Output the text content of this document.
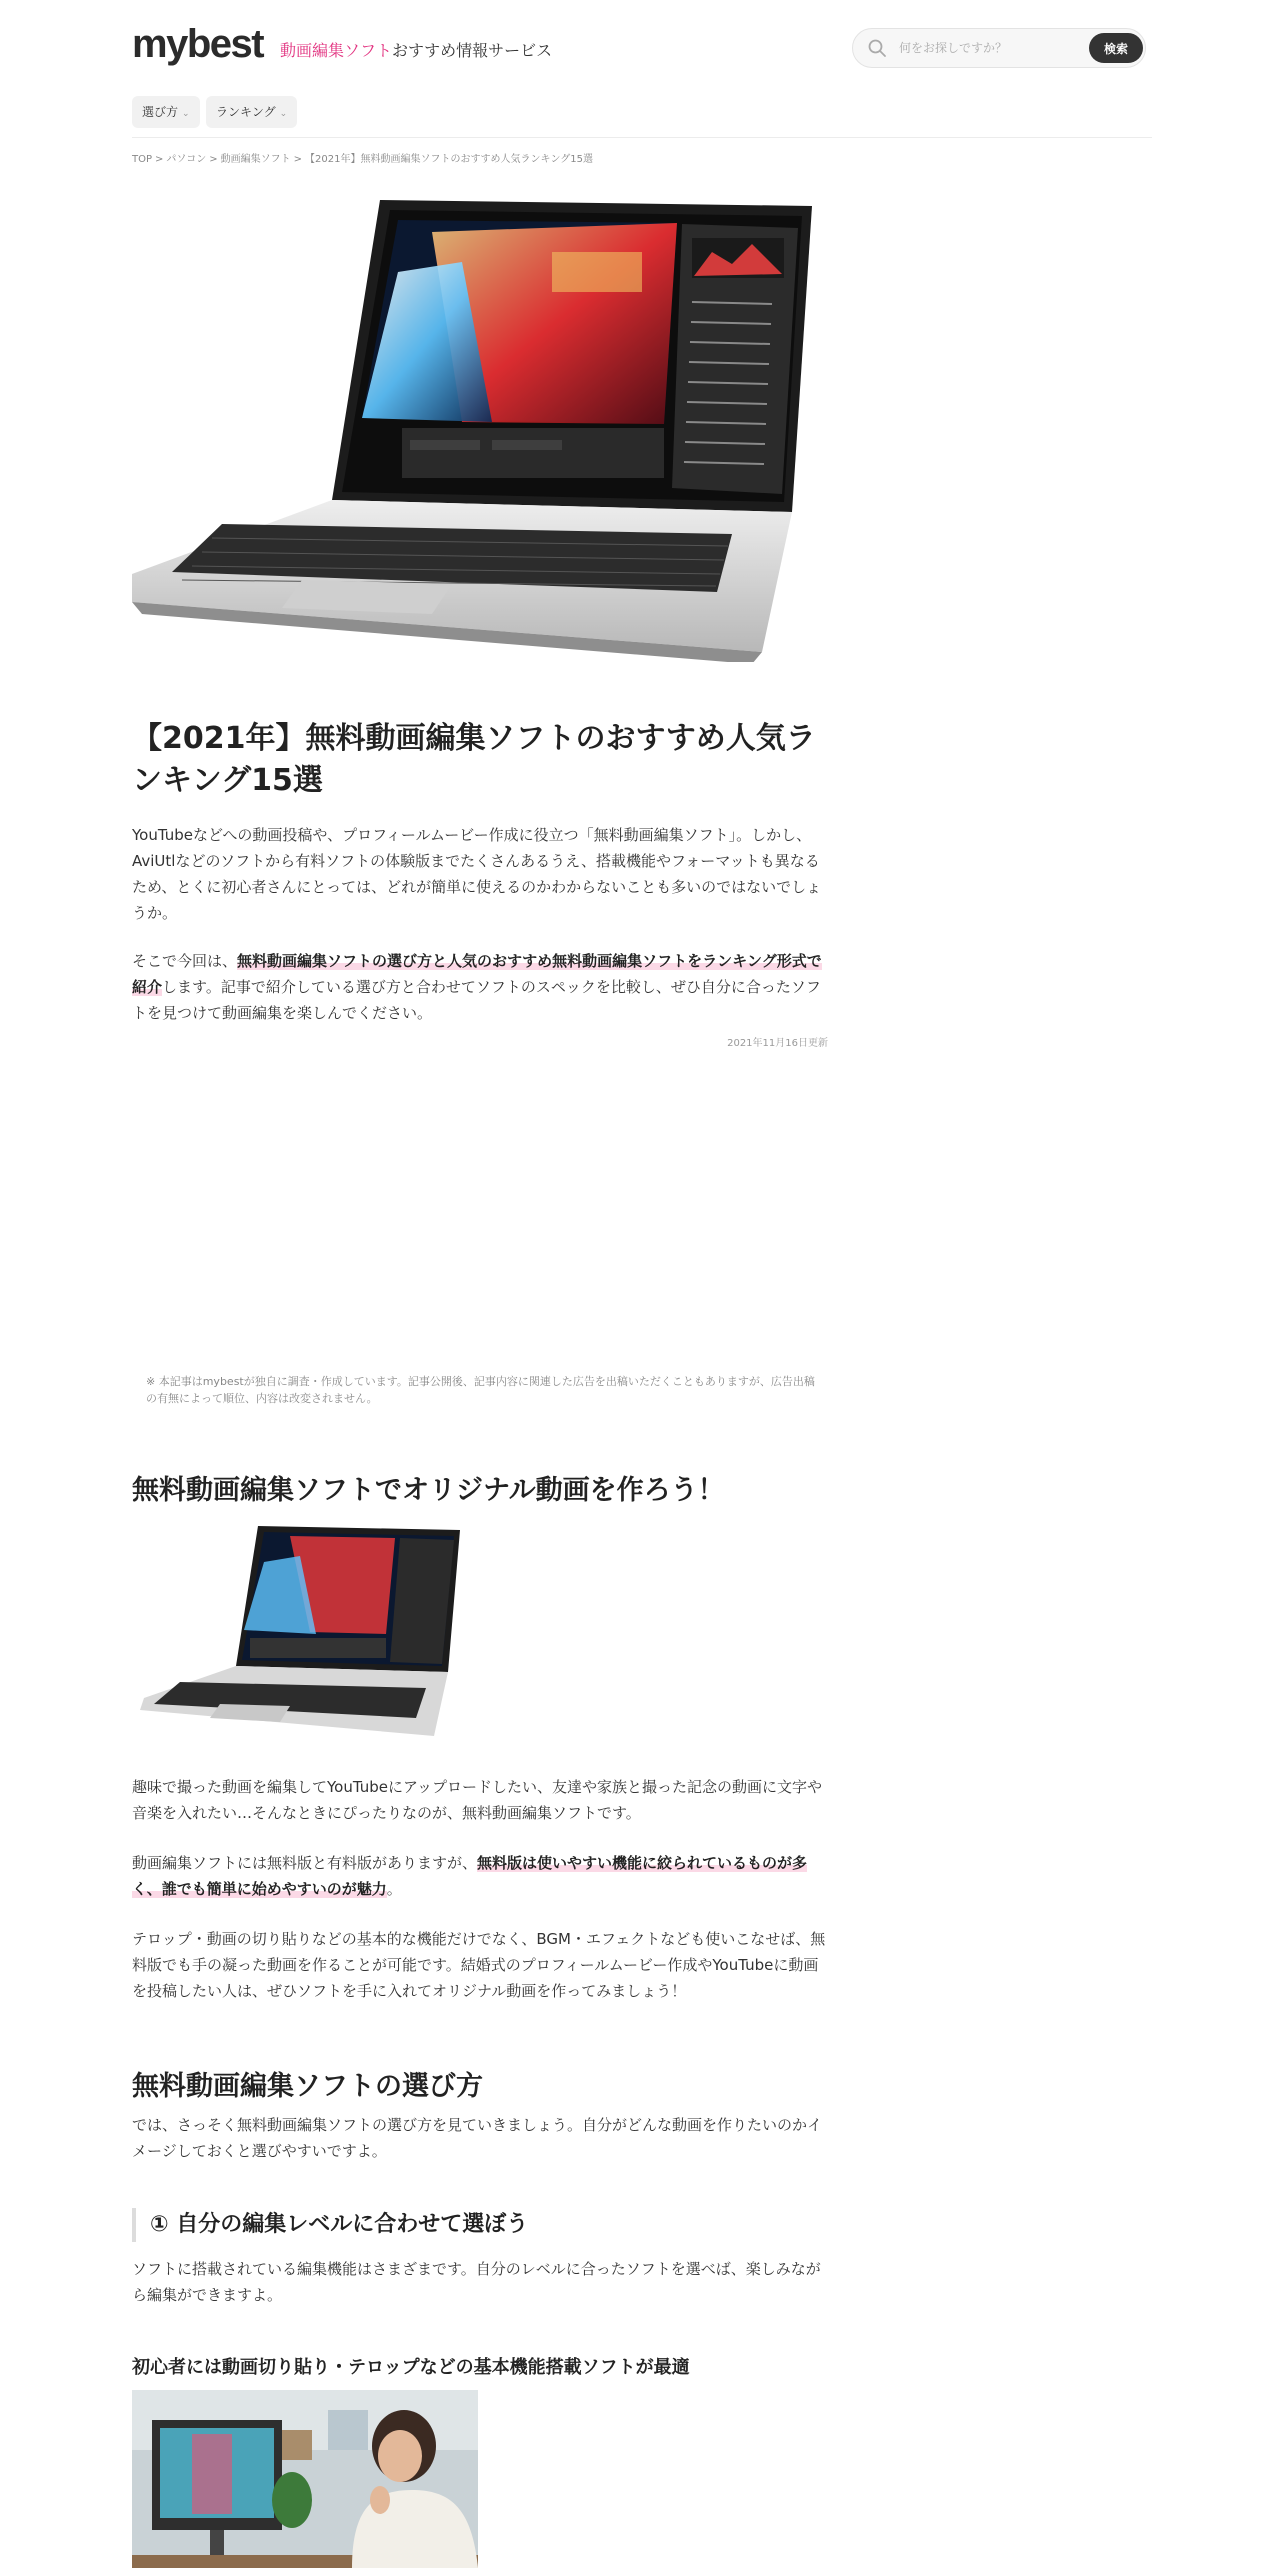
mybest 動画編集ソフトおすすめ情報サービス
何をお探しですか？	検索
選び方 ⌄	ランキング ⌄
TOP > パソコン > 動画編集ソフト > 【2021年】無料動画編集ソフトのおすすめ人気ランキング15選
【2021年】無料動画編集ソフトのおすすめ人気ランキング15選

YouTubeなどへの動画投稿や、プロフィールムービー作成に役立つ「無料動画編集ソフト」。しかし、AviUtlなどのソフトから有料ソフトの体験版までたくさんあるうえ、搭載機能やフォーマットも異なるため、とくに初心者さんにとっては、どれが簡単に使えるのかわからないことも多いのではないでしょうか。

そこで今回は、無料動画編集ソフトの選び方と人気のおすすめ無料動画編集ソフトをランキング形式で紹介します。記事で紹介している選び方と合わせてソフトのスペックを比較し、ぜひ自分に合ったソフトを見つけて動画編集を楽しんでください。

2021年11月16日更新
※ 本記事はmybestが独自に調査・作成しています。記事公開後、記事内容に関連した広告を出稿いただくこともありますが、広告出稿の有無によって順位、内容は改変されません。
無料動画編集ソフトでオリジナル動画を作ろう！

趣味で撮った動画を編集してYouTubeにアップロードしたい、友達や家族と撮った記念の動画に文字や音楽を入れたい…そんなときにぴったりなのが、無料動画編集ソフトです。

動画編集ソフトには無料版と有料版がありますが、無料版は使いやすい機能に絞られているものが多く、誰でも簡単に始めやすいのが魅力。

テロップ・動画の切り貼りなどの基本的な機能だけでなく、BGM・エフェクトなども使いこなせば、無料版でも手の凝った動画を作ることが可能です。結婚式のプロフィールムービー作成やYouTubeに動画を投稿したい人は、ぜひソフトを手に入れてオリジナル動画を作ってみましょう！

無料動画編集ソフトの選び方

では、さっそく無料動画編集ソフトの選び方を見ていきましょう。自分がどんな動画を作りたいのかイメージしておくと選びやすいですよ。

① 自分の編集レベルに合わせて選ぼう

ソフトに搭載されている編集機能はさまざまです。自分のレベルに合ったソフトを選べば、楽しみながら編集ができますよ。

初心者には動画切り貼り・テロップなどの基本機能搭載ソフトが最適
